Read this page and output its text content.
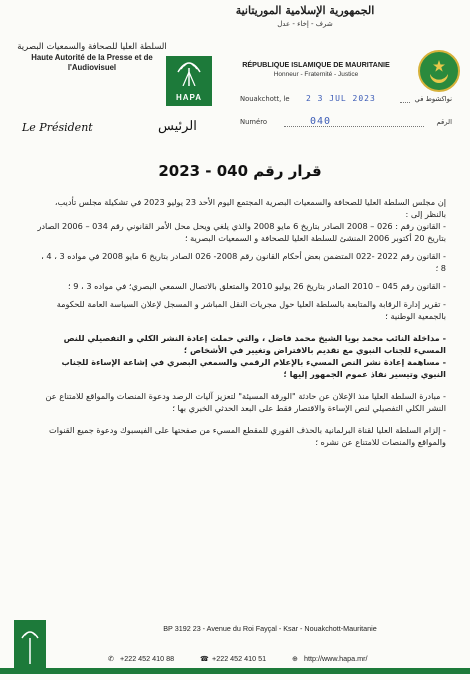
السلطة العليا للصحافة والسمعيات البصرية
Haute Autorité de la Presse et de l'Audiovisuel
HAPA
الجمهورية الإسلامية الموريتانية
شرف - إخاء - عدل
RÉPUBLIQUE ISLAMIQUE DE MAURITANIE
Honneur - Fraternité - Justice
Nouakchott, le 2 3 JUL 2023	نواكشوط في
Numéro	040	الرقم
Le Président	الرئيس
قرار رقم 040 - 2023

إن مجلس السلطة العليا للصحافة والسمعيات البصرية المجتمع اليوم الأحد 23 يوليو 2023 في تشكيلة مجلس تأديب، بالنظر إلى :

- القانون رقم : 026 – 2008 الصادر بتاريخ 6 مايو 2008 والذي يلغي ويحل محل الأمر القانوني رقم 034 – 2006 الصادر بتاريخ 20 أكتوبر 2006 المنشئ للسلطة العليا للصحافة و السمعيات البصرية ؛

- القانون رقم 2022 -022 المتضمن بعض أحكام القانون رقم 2008- 026 الصادر بتاريخ 6 مايو 2008 في مواده 3 ، 4 ، 8 ؛

- القانون رقم 045 – 2010 الصادر بتاريخ 26 يوليو 2010 والمتعلق بالاتصال السمعي البصري؛ في مواده 3 ، 9 ؛

- تقرير إدارة الرقابة والمتابعة بالسلطة العليا حول مجريات النقل المباشر و المسجل لإعلان السياسة العامة للحكومة بالجمعية الوطنية ؛

- مداخلة النائب محمد بويا الشيخ محمد فاضل ، والتي حملت إعادة النشر الكلي و التفصيلي للنص المسيء للجناب النبوي مع تقديم بالافتراض وتغيير في الأشخاص ؛

- مساهمة إعادة نشر النص المسيء بالإعلام الرقمي والسمعي البصري في إشاعة الإساءة للجناب النبوي وتيسير نفاذ عموم الجمهور إليها ؛

- مبادرة السلطة العليا منذ الإعلان عن حادثة "الورقة المسيئة" لتعزيز آليات الرصد ودعوة المنصات والمواقع للامتناع عن النشر الكلي التفصيلي لنص الإساءة والاقتصار فقط على البعد الحدثي الخبري بها ؛

- إلزام السلطة العليا لقناة البرلمانية بالحذف الفوري للمقطع المسيء من صفحتها على الفيسبوك ودعوة جميع القنوات والمواقع والمنصات للامتناع عن نشره ؛

BP 3192 23 - Avenue du Roi Fayçal - Ksar - Nouakchott-Mauritanie
✆ +222 452 410 88	☎ +222 452 410 51	⊕ http://www.hapa.mr/
